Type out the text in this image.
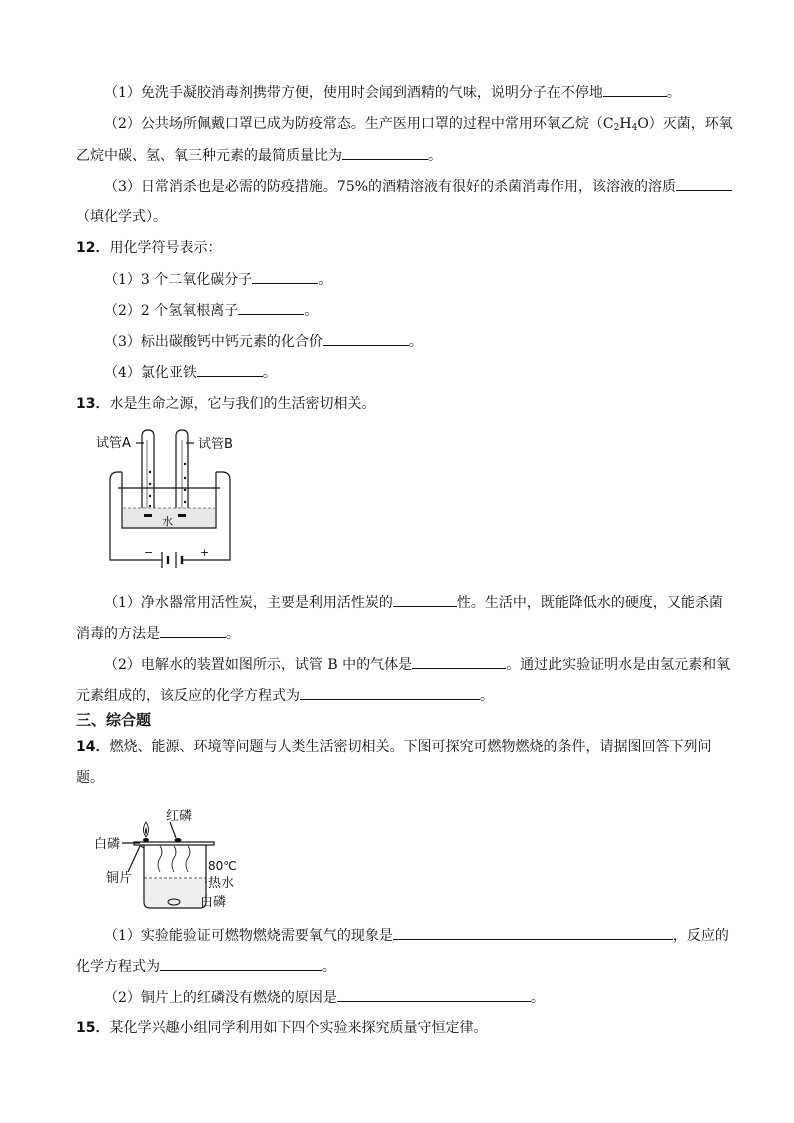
（1）免洗手凝胶消毒剂携带方便，使用时会闻到酒精的气味，说明分子在不停地	。
（2）公共场所佩戴口罩已成为防疫常态。生产医用口罩的过程中常用环氧乙烷$(C_2H_4O)$灭菌，环氧
乙烷中碳、氢、氧三种元素的最简质量比为	。
（3）日常消杀也是必需的防疫措施。75%的酒精溶液有很好的杀菌消毒作用，该溶液的溶质
（填化学式）。
12．用化学符号表示：
（1）3 个二氧化碳分子	。
（2）2 个氢氧根离子	。
（3）标出碳酸钙中钙元素的化合价	。
（4）氯化亚铁	。
13．水是生命之源，它与我们的生活密切相关。
试管A	试管B
水
−	+
（1）净水器常用活性炭，主要是利用活性炭的	性。生活中，既能降低水的硬度，又能杀菌
消毒的方法是	。
（2）电解水的装置如图所示，试管 B 中的气体是	。通过此实验证明水是由氢元素和氧
元素组成的，该反应的化学方程式为	。
三、综合题
14．燃烧、能源、环境等问题与人类生活密切相关。下图可探究可燃物燃烧的条件，请据图回答下列问
题。
红磷
白磷
铜片
80℃
热水
白磷
（1）实验能验证可燃物燃烧需要氧气的现象是	，反应的
化学方程式为	。
（2）铜片上的红磷没有燃烧的原因是	。
15．某化学兴趣小组同学利用如下四个实验来探究质量守恒定律。
